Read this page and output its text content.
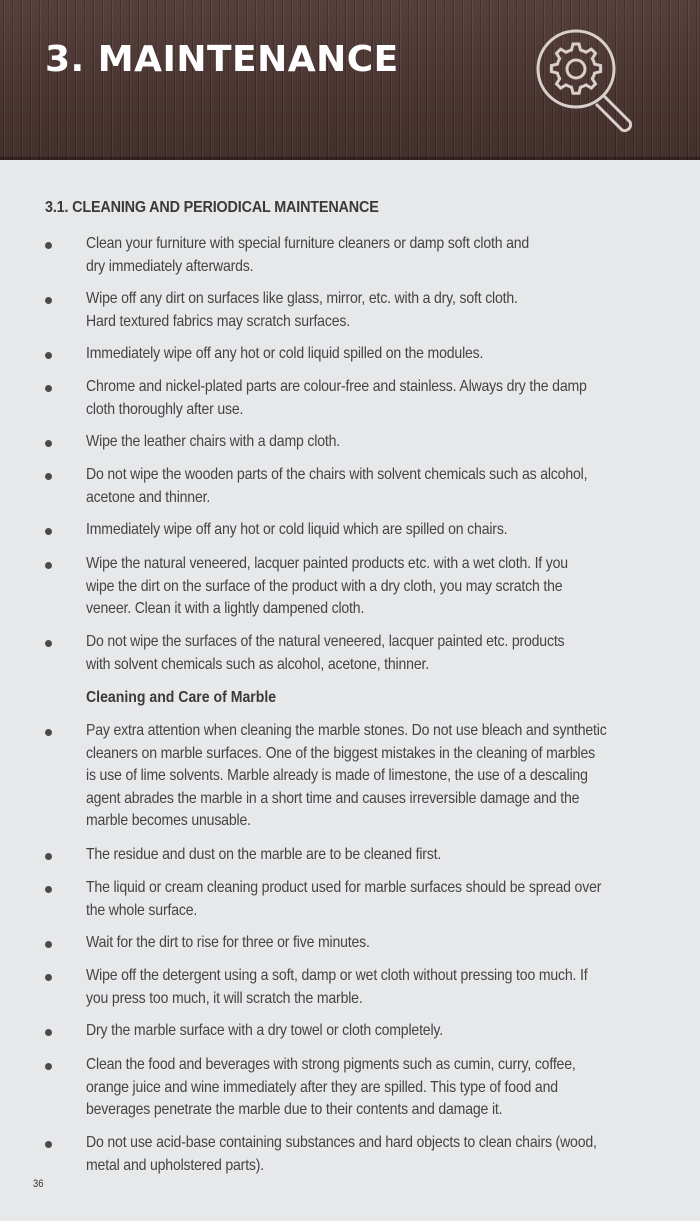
3. MAINTENANCE
3.1. CLEANING AND PERIODICAL MAINTENANCE
Clean your furniture with special furniture cleaners or damp soft cloth and
dry immediately afterwards.
Wipe off any dirt on surfaces like glass, mirror, etc. with a dry, soft cloth.
Hard textured fabrics may scratch surfaces.
Immediately wipe off any hot or cold liquid spilled on the modules.
Chrome and nickel-plated parts are colour-free and stainless. Always dry the damp
cloth thoroughly after use.
Wipe the leather chairs with a damp cloth.
Do not wipe the wooden parts of the chairs with solvent chemicals such as alcohol,
acetone and thinner.
Immediately wipe off any hot or cold liquid which are spilled on chairs.
Wipe the natural veneered, lacquer painted products etc. with a wet cloth. If you
wipe the dirt on the surface of the product with a dry cloth, you may scratch the
veneer. Clean it with a lightly dampened cloth.
Do not wipe the surfaces of the natural veneered, lacquer painted etc. products
with solvent chemicals such as alcohol, acetone, thinner.
Cleaning and Care of Marble
Pay extra attention when cleaning the marble stones. Do not use bleach and synthetic
cleaners on marble surfaces. One of the biggest mistakes in the cleaning of marbles
is use of lime solvents. Marble already is made of limestone, the use of a descaling
agent abrades the marble in a short time and causes irreversible damage and the
marble becomes unusable.
The residue and dust on the marble are to be cleaned first.
The liquid or cream cleaning product used for marble surfaces should be spread over
the whole surface.
Wait for the dirt to rise for three or five minutes.
Wipe off the detergent using a soft, damp or wet cloth without pressing too much. If
you press too much, it will scratch the marble.
Dry the marble surface with a dry towel or cloth completely.
Clean the food and beverages with strong pigments such as cumin, curry, coffee,
orange juice and wine immediately after they are spilled. This type of food and
beverages penetrate the marble due to their contents and damage it.
Do not use acid-base containing substances and hard objects to clean chairs (wood,
metal and upholstered parts).
36
